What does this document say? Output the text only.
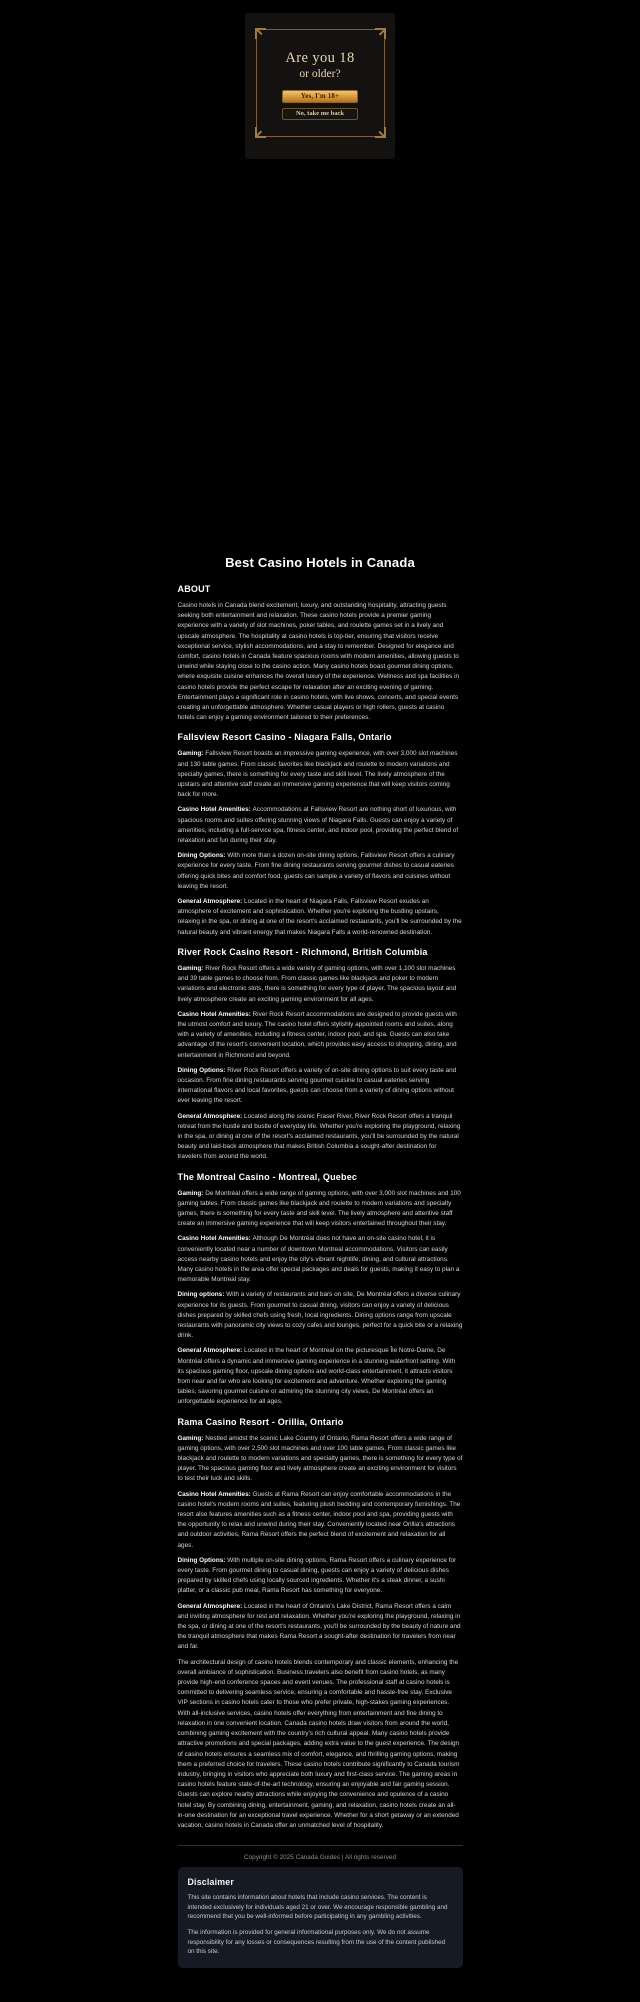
Are you 18
or older?
Yes, I'm 18+
No, take me back
Best Casino Hotels in Canada
ABOUT

Casino hotels in Canada blend excitement, luxury, and outstanding hospitality, attracting guests seeking both entertainment and relaxation. These casino hotels provide a premier gaming experience with a variety of slot machines, poker tables, and roulette games set in a lively and upscale atmosphere. The hospitality at casino hotels is top-tier, ensuring that visitors receive exceptional service, stylish accommodations, and a stay to remember. Designed for elegance and comfort, casino hotels in Canada feature spacious rooms with modern amenities, allowing guests to unwind while staying close to the casino action. Many casino hotels boast gourmet dining options, where exquisite cuisine enhances the overall luxury of the experience. Wellness and spa facilities in casino hotels provide the perfect escape for relaxation after an exciting evening of gaming. Entertainment plays a significant role in casino hotels, with live shows, concerts, and special events creating an unforgettable atmosphere. Whether casual players or high rollers, guests at casino hotels can enjoy a gaming environment tailored to their preferences.

Fallsview Resort Casino - Niagara Falls, Ontario

Gaming: Fallsview Resort boasts an impressive gaming experience, with over 3,000 slot machines and 130 table games. From classic favorites like blackjack and roulette to modern variations and specialty games, there is something for every taste and skill level. The lively atmosphere of the upstairs and attentive staff create an immersive gaming experience that will keep visitors coming back for more.

Casino Hotel Amenities: Accommodations at Fallsview Resort are nothing short of luxurious, with spacious rooms and suites offering stunning views of Niagara Falls. Guests can enjoy a variety of amenities, including a full-service spa, fitness center, and indoor pool, providing the perfect blend of relaxation and fun during their stay.

Dining Options: With more than a dozen on-site dining options, Fallsview Resort offers a culinary experience for every taste. From fine dining restaurants serving gourmet dishes to casual eateries offering quick bites and comfort food, guests can sample a variety of flavors and cuisines without leaving the resort.

General Atmosphere: Located in the heart of Niagara Falls, Fallsview Resort exudes an atmosphere of excitement and sophistication. Whether you're exploring the bustling upstairs, relaxing in the spa, or dining at one of the resort's acclaimed restaurants, you'll be surrounded by the natural beauty and vibrant energy that makes Niagara Falls a world-renowned destination.

River Rock Casino Resort - Richmond, British Columbia

Gaming: River Rock Resort offers a wide variety of gaming options, with over 1,100 slot machines and 39 table games to choose from. From classic games like blackjack and poker to modern variations and electronic slots, there is something for every type of player. The spacious layout and lively atmosphere create an exciting gaming environment for all ages.

Casino Hotel Amenities: River Rock Resort accommodations are designed to provide guests with the utmost comfort and luxury. The casino hotel offers stylishly appointed rooms and suites, along with a variety of amenities, including a fitness center, indoor pool, and spa. Guests can also take advantage of the resort's convenient location, which provides easy access to shopping, dining, and entertainment in Richmond and beyond.

Dining Options: River Rock Resort offers a variety of on-site dining options to suit every taste and occasion. From fine dining restaurants serving gourmet cuisine to casual eateries serving international flavors and local favorites, guests can choose from a variety of dining options without ever leaving the resort.

General Atmosphere: Located along the scenic Fraser River, River Rock Resort offers a tranquil retreat from the hustle and bustle of everyday life. Whether you're exploring the playground, relaxing in the spa, or dining at one of the resort's acclaimed restaurants, you'll be surrounded by the natural beauty and laid-back atmosphere that makes British Columbia a sought-after destination for travelers from around the world.

The Montreal Casino - Montreal, Quebec

Gaming: De Montréal offers a wide range of gaming options, with over 3,000 slot machines and 100 gaming tables. From classic games like blackjack and roulette to modern variations and specialty games, there is something for every taste and skill level. The lively atmosphere and attentive staff create an immersive gaming experience that will keep visitors entertained throughout their stay.

Casino Hotel Amenities: Although De Montréal does not have an on-site casino hotel, it is conveniently located near a number of downtown Montreal accommodations. Visitors can easily access nearby casino hotels and enjoy the city's vibrant nightlife, dining, and cultural attractions. Many casino hotels in the area offer special packages and deals for guests, making it easy to plan a memorable Montreal stay.

Dining options: With a variety of restaurants and bars on site, De Montréal offers a diverse culinary experience for its guests. From gourmet to casual dining, visitors can enjoy a variety of delicious dishes prepared by skilled chefs using fresh, local ingredients. Dining options range from upscale restaurants with panoramic city views to cozy cafes and lounges, perfect for a quick bite or a relaxing drink.

General Atmosphere: Located in the heart of Montreal on the picturesque Île Notre-Dame, De Montréal offers a dynamic and immersive gaming experience in a stunning waterfront setting. With its spacious gaming floor, upscale dining options and world-class entertainment, it attracts visitors from near and far who are looking for excitement and adventure. Whether exploring the gaming tables, savoring gourmet cuisine or admiring the stunning city views, De Montréal offers an unforgettable experience for all ages.

Rama Casino Resort - Orillia, Ontario

Gaming: Nestled amidst the scenic Lake Country of Ontario, Rama Resort offers a wide range of gaming options, with over 2,500 slot machines and over 100 table games. From classic games like blackjack and roulette to modern variations and specialty games, there is something for every type of player. The spacious gaming floor and lively atmosphere create an exciting environment for visitors to test their luck and skills.

Casino Hotel Amenities: Guests at Rama Resort can enjoy comfortable accommodations in the casino hotel's modern rooms and suites, featuring plush bedding and contemporary furnishings. The resort also features amenities such as a fitness center, indoor pool and spa, providing guests with the opportunity to relax and unwind during their stay. Conveniently located near Orillia's attractions and outdoor activities, Rama Resort offers the perfect blend of excitement and relaxation for all ages.

Dining Options: With multiple on-site dining options, Rama Resort offers a culinary experience for every taste. From gourmet dining to casual dining, guests can enjoy a variety of delicious dishes prepared by skilled chefs using locally sourced ingredients. Whether it's a steak dinner, a sushi platter, or a classic pub meal, Rama Resort has something for everyone.

General Atmosphere: Located in the heart of Ontario's Lake District, Rama Resort offers a calm and inviting atmosphere for rest and relaxation. Whether you're exploring the playground, relaxing in the spa, or dining at one of the resort's restaurants, you'll be surrounded by the beauty of nature and the tranquil atmosphere that makes Rama Resort a sought-after destination for travelers from near and far.

The architectural design of casino hotels blends contemporary and classic elements, enhancing the overall ambiance of sophistication. Business travelers also benefit from casino hotels, as many provide high-end conference spaces and event venues. The professional staff at casino hotels is committed to delivering seamless service, ensuring a comfortable and hassle-free stay. Exclusive VIP sections in casino hotels cater to those who prefer private, high-stakes gaming experiences. With all-inclusive services, casino hotels offer everything from entertainment and fine dining to relaxation in one convenient location. Canada casino hotels draw visitors from around the world, combining gaming excitement with the country's rich cultural appeal. Many casino hotels provide attractive promotions and special packages, adding extra value to the guest experience. The design of casino hotels ensures a seamless mix of comfort, elegance, and thrilling gaming options, making them a preferred choice for travelers. These casino hotels contribute significantly to Canada tourism industry, bringing in visitors who appreciate both luxury and first-class service. The gaming areas in casino hotels feature state-of-the-art technology, ensuring an enjoyable and fair gaming session. Guests can explore nearby attractions while enjoying the convenience and opulence of a casino hotel stay. By combining dining, entertainment, gaming, and relaxation, casino hotels create an all-in-one destination for an exceptional travel experience. Whether for a short getaway or an extended vacation, casino hotels in Canada offer an unmatched level of hospitality.

Copyright © 2025 Canada Guides | All rights reserved

Disclaimer

This site contains information about hotels that include casino services. The content is intended exclusively for individuals aged 21 or over. We encourage responsible gambling and recommend that you be well-informed before participating in any gambling activities.

The information is provided for general informational purposes only. We do not assume responsibility for any losses or consequences resulting from the use of the content published on this site.
